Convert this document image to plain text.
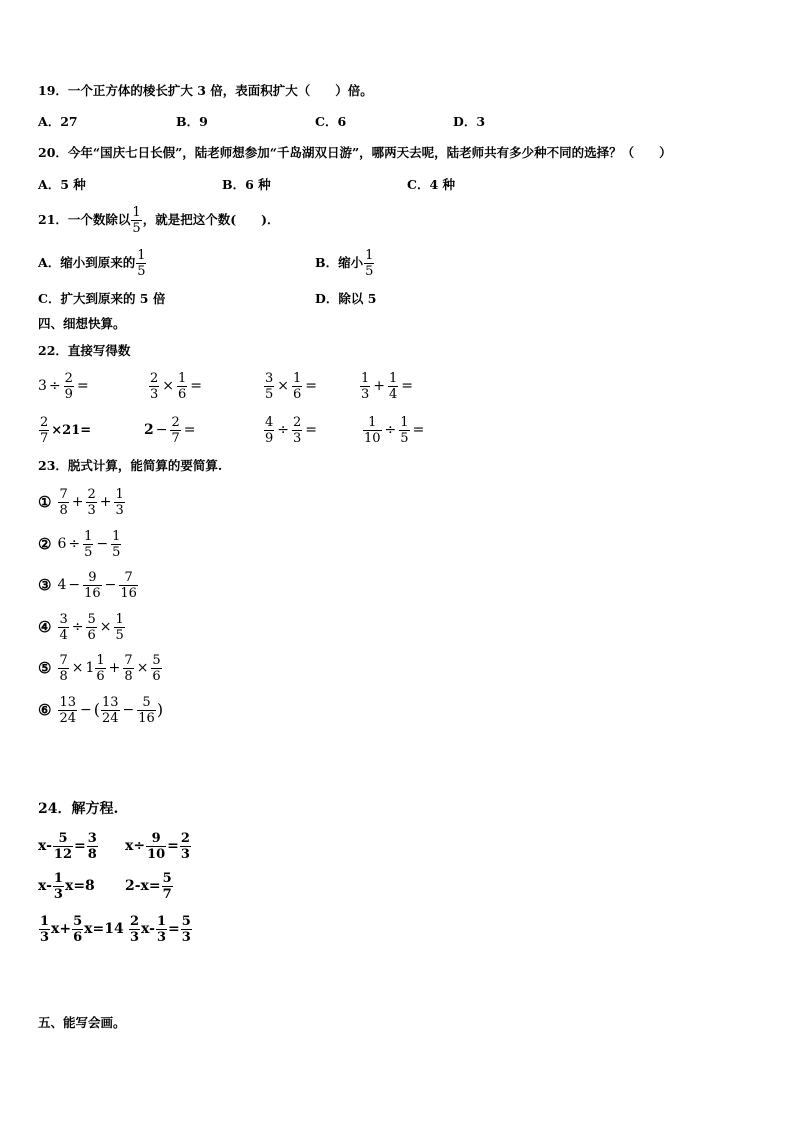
19．一个正方体的棱长扩大 3 倍，表面积扩大（　　）倍。
A．27	B．9	C．6	D．3
20．今年“国庆七日长假”，陆老师想参加“千岛湖双日游”，哪两天去呢，陆老师共有多少种不同的选择？（　　）
A．5 种	B．6 种	C．4 种
21．一个数除以 $\frac{1}{5}$ ，就是把这个数(　　)．
A．缩小到原来的 $\frac{1}{5}$	B．缩小 $\frac{1}{5}$
C．扩大到原来的 5 倍	D．除以 5
四、细想快算。
22．直接写得数
$3 \div \frac{2}{9}$ =	$\frac{2}{3} \times \frac{1}{6}$ =	$\frac{3}{5} \times \frac{1}{6}$ =	$\frac{1}{3} + \frac{1}{4}$ =
$\frac{2}{7} \times 21=$	$2 - \frac{2}{7}$ =	$\frac{4}{9} \div \frac{2}{3}$ =	$\frac{1}{10} \div \frac{1}{5}$ =
23．脱式计算，能简算的要简算.
① $\frac{7}{8} + \frac{2}{3} + \frac{1}{3}$
② $6 \div \frac{1}{5} - \frac{1}{5}$
③ $4 - \frac{9}{16} - \frac{7}{16}$
④ $\frac{3}{4} \div \frac{5}{6} \times \frac{1}{5}$
⑤ $\frac{7}{8} \times 1 \frac{1}{6} + \frac{7}{8} \times \frac{5}{6}$
⑥ $\frac{13}{24}$ − ( $\frac{13}{24} - \frac{5}{16}$ )
24．解方程.
$x- \frac{5}{12} = \frac{3}{8} x\div \frac{9}{10} = \frac{2}{3}$
$x- \frac{1}{3} x=8$ $2-x= \frac{5}{7}$
$\frac{1}{3} x+ \frac{5}{6} x=14 \frac{2}{3} x- \frac{1}{3} = \frac{5}{3}$
五、能写会画。
